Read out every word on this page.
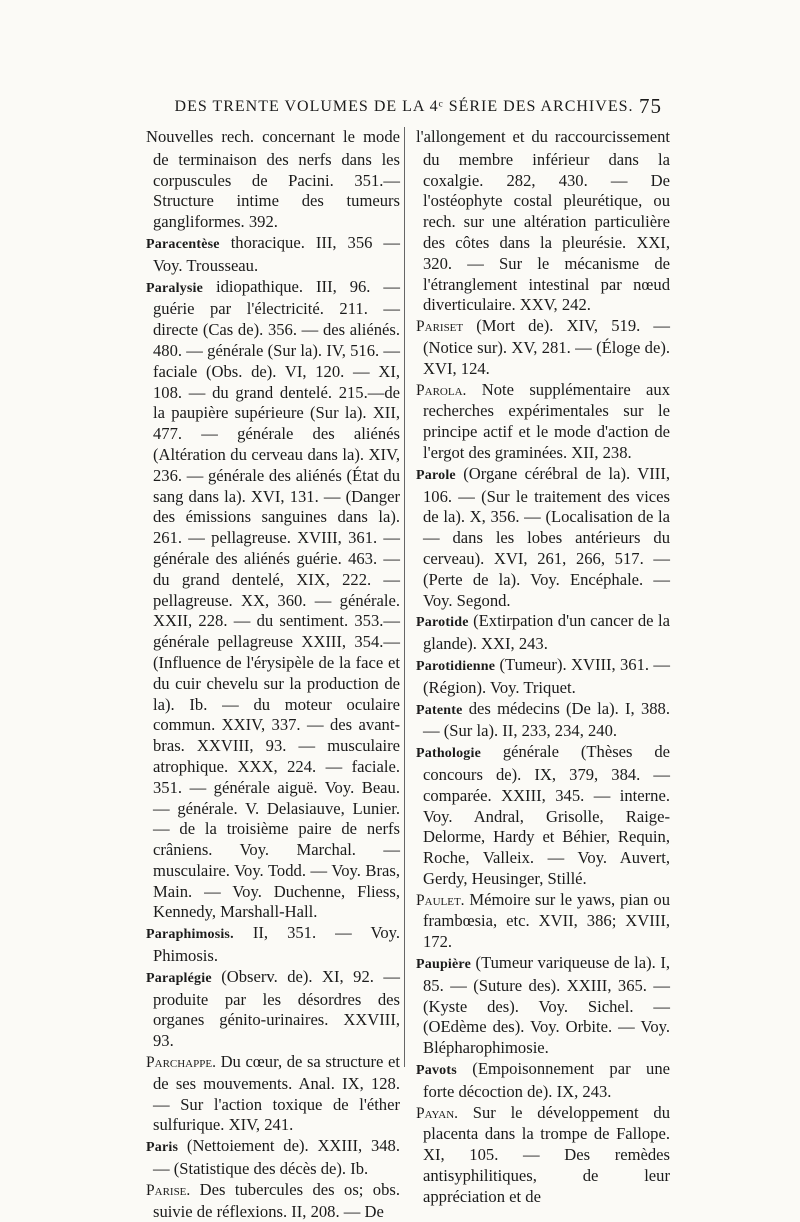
DES TRENTE VOLUMES DE LA 4ᶜ SÉRIE DES ARCHIVES. 75

Nouvelles rech. concernant le mode de terminaison des nerfs dans les corpuscules de Pacini. 351.—Structure intime des tumeurs gangliformes. 392.

Paracentèse thoracique. III, 356 — Voy. Trousseau.

Paralysie idiopathique. III, 96. — guérie par l'électricité. 211. — directe (Cas de). 356. — des aliénés. 480. — générale (Sur la). IV, 516. — faciale (Obs. de). VI, 120. — XI, 108. — du grand dentelé. 215.—de la paupière supérieure (Sur la). XII, 477. — générale des aliénés (Altération du cerveau dans la). XIV, 236. — générale des aliénés (État du sang dans la). XVI, 131. — (Danger des émissions sanguines dans la). 261. — pellagreuse. XVIII, 361. — générale des aliénés guérie. 463. — du grand dentelé, XIX, 222. — pellagreuse. XX, 360. — générale. XXII, 228. — du sentiment. 353.— générale pellagreuse XXIII, 354.— (Influence de l'érysipèle de la face et du cuir chevelu sur la production de la). Ib. — du moteur oculaire commun. XXIV, 337. — des avant-bras. XXVIII, 93. — musculaire atrophique. XXX, 224. — faciale. 351. — générale aiguë. Voy. Beau. — générale. V. Delasiauve, Lunier. — de la troisième paire de nerfs crâniens. Voy. Marchal. — musculaire. Voy. Todd. — Voy. Bras, Main. — Voy. Duchenne, Fliess, Kennedy, Marshall-Hall.

Paraphimosis. II, 351. — Voy. Phimosis.

Paraplégie (Observ. de). XI, 92. — produite par les désordres des organes génito-urinaires. XXVIII, 93.

Parchappe. Du cœur, de sa structure et de ses mouvements. Anal. IX, 128. — Sur l'action toxique de l'éther sulfurique. XIV, 241.

Paris (Nettoiement de). XXIII, 348. — (Statistique des décès de). Ib.

Parise. Des tubercules des os; obs. suivie de réflexions. II, 208. — De

l'allongement et du raccourcissement du membre inférieur dans la coxalgie. 282, 430. — De l'ostéophyte costal pleurétique, ou rech. sur une altération particulière des côtes dans la pleurésie. XXI, 320. — Sur le mécanisme de l'étranglement intestinal par nœud diverticulaire. XXV, 242.

Pariset (Mort de). XIV, 519. — (Notice sur). XV, 281. — (Éloge de). XVI, 124.

Parola. Note supplémentaire aux recherches expérimentales sur le principe actif et le mode d'action de l'ergot des graminées. XII, 238.

Parole (Organe cérébral de la). VIII, 106. — (Sur le traitement des vices de la). X, 356. — (Localisation de la — dans les lobes antérieurs du cerveau). XVI, 261, 266, 517. — (Perte de la). Voy. Encéphale. — Voy. Segond.

Parotide (Extirpation d'un cancer de la glande). XXI, 243.

Parotidienne (Tumeur). XVIII, 361. — (Région). Voy. Triquet.

Patente des médecins (De la). I, 388. — (Sur la). II, 233, 234, 240.

Pathologie générale (Thèses de concours de). IX, 379, 384. — comparée. XXIII, 345. — interne. Voy. Andral, Grisolle, Raige-Delorme, Hardy et Béhier, Requin, Roche, Valleix. — Voy. Auvert, Gerdy, Heusinger, Stillé.

Paulet. Mémoire sur le yaws, pian ou frambœsia, etc. XVII, 386; XVIII, 172.

Paupière (Tumeur variqueuse de la). I, 85. — (Suture des). XXIII, 365. — (Kyste des). Voy. Sichel. — (OEdème des). Voy. Orbite. — Voy. Blépharophimosie.

Pavots (Empoisonnement par une forte décoction de). IX, 243.

Payan. Sur le développement du placenta dans la trompe de Fallope. XI, 105. — Des remèdes antisyphilitiques, de leur appréciation et de
